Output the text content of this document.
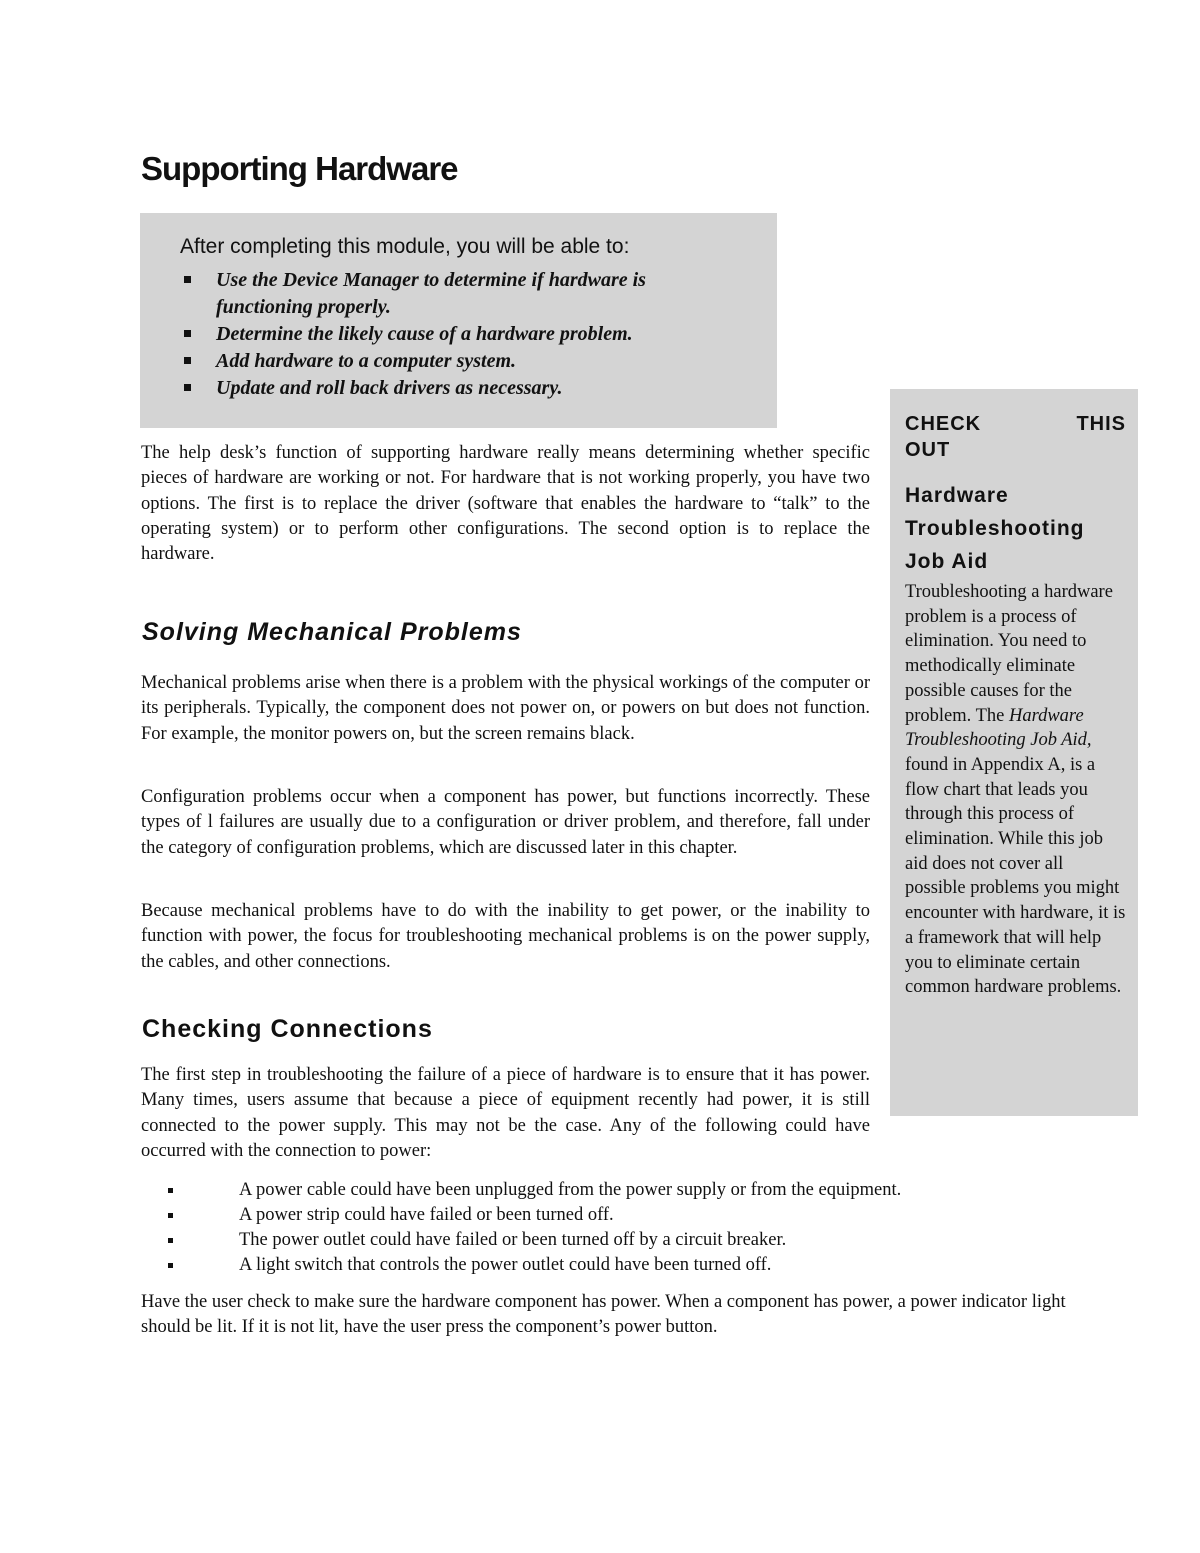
Supporting Hardware

After completing this module, you will be able to:

Use the Device Manager to determine if hardware is functioning properly.
Determine the likely cause of a hardware problem.
Add hardware to a computer system.
Update and roll back drivers as necessary.
CHECK	THIS
OUT

Hardware Troubleshooting Job Aid

Troubleshooting a hardware problem is a process of elimination. You need to methodically eliminate possible causes for the problem. The Hardware Troubleshooting Job Aid, found in Appendix A, is a flow chart that leads you through this process of elimination. While this job aid does not cover all possible problems you might encounter with hardware, it is a framework that will help you to eliminate certain common hardware problems.

The help desk’s function of supporting hardware really means determining whether specific pieces of hardware are working or not. For hardware that is not working properly, you have two options. The first is to replace the driver (software that enables the hardware to “talk” to the operating system) or to perform other configurations. The second option is to replace the hardware.

Solving Mechanical Problems

Mechanical problems arise when there is a problem with the physical workings of the computer or its peripherals. Typically, the component does not power on, or powers on but does not function. For example, the monitor powers on, but the screen remains black.

Configuration problems occur when a component has power, but functions incorrectly. These types of l failures are usually due to a configuration or driver problem, and therefore, fall under the category of configuration problems, which are discussed later in this chapter.

Because mechanical problems have to do with the inability to get power, or the inability to function with power, the focus for troubleshooting mechanical problems is on the power supply, the cables, and other connections.

Checking Connections

The first step in troubleshooting the failure of a piece of hardware is to ensure that it has power. Many times, users assume that because a piece of equipment recently had power, it is still connected to the power supply. This may not be the case. Any of the following could have occurred with the connection to power:

A power cable could have been unplugged from the power supply or from the equipment.
A power strip could have failed or been turned off.
The power outlet could have failed or been turned off by a circuit breaker.
A light switch that controls the power outlet could have been turned off.

Have the user check to make sure the hardware component has power. When a component has power, a power indicator light should be lit. If it is not lit, have the user press the component’s power button.
